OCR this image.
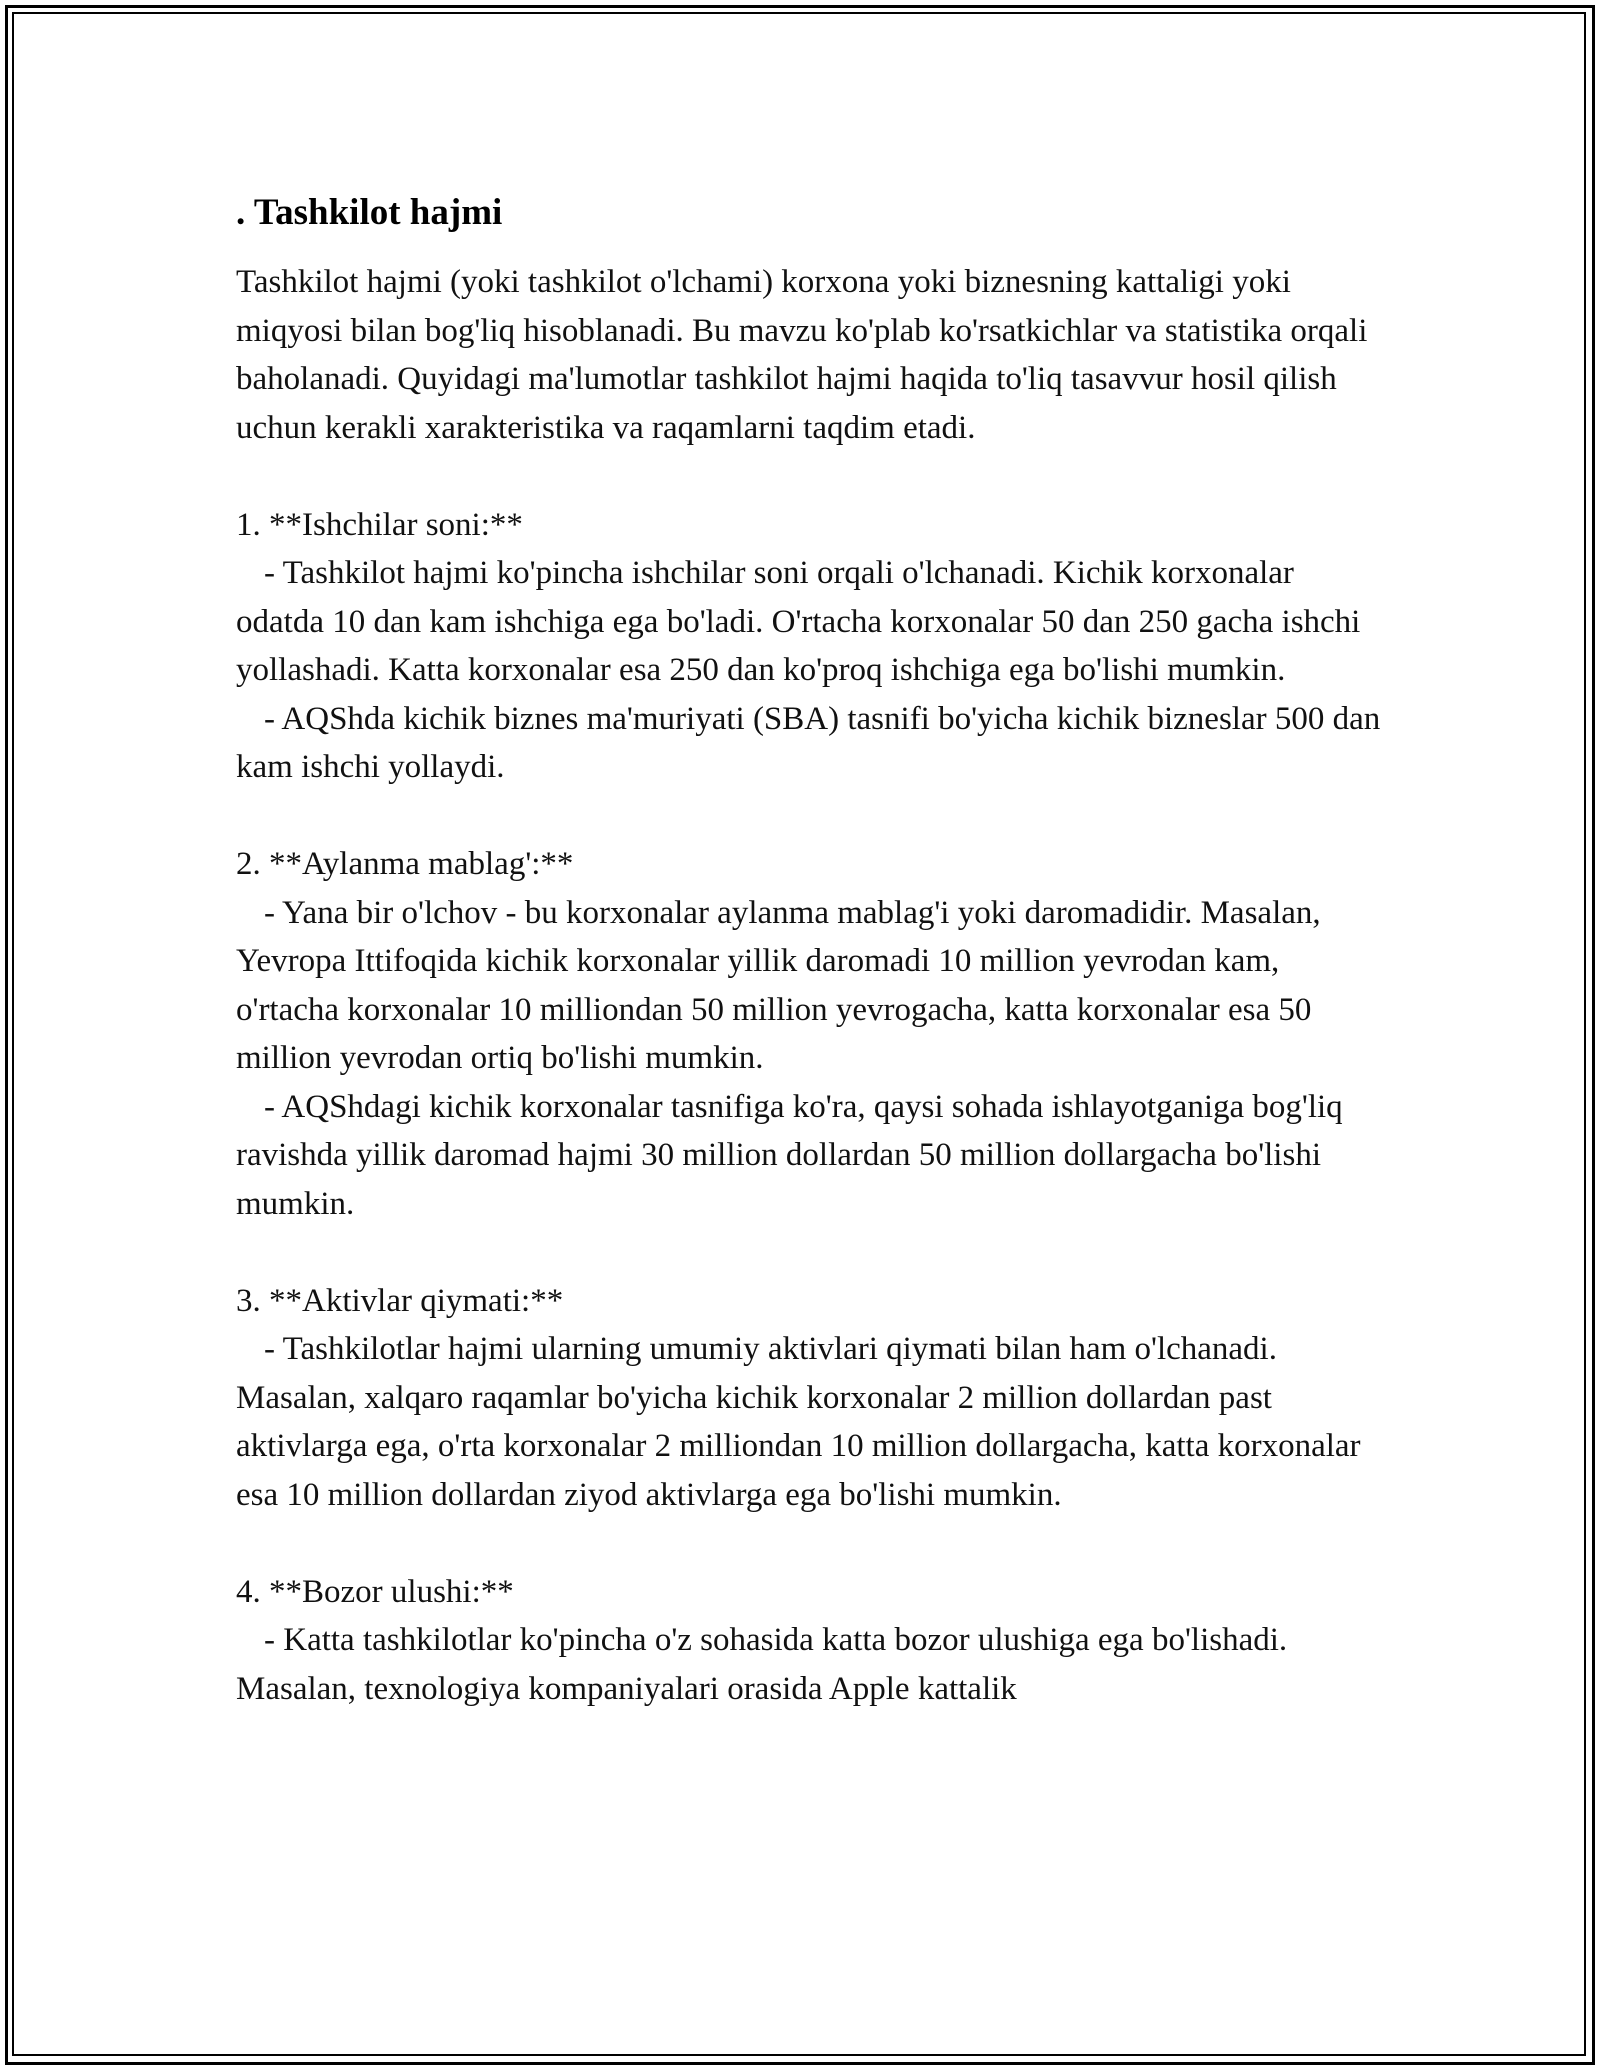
. Tashkilot hajmi

Tashkilot hajmi (yoki tashkilot o'lchami) korxona yoki biznesning kattaligi yoki miqyosi bilan bog'liq hisoblanadi. Bu mavzu ko'plab ko'rsatkichlar va statistika orqali baholanadi. Quyidagi ma'lumotlar tashkilot hajmi haqida to'liq tasavvur hosil qilish uchun kerakli xarakteristika va raqamlarni taqdim etadi.

1. **Ishchilar soni:**

- Tashkilot hajmi ko'pincha ishchilar soni orqali o'lchanadi. Kichik korxonalar odatda 10 dan kam ishchiga ega bo'ladi. O'rtacha korxonalar 50 dan 250 gacha ishchi yollashadi. Katta korxonalar esa 250 dan ko'proq ishchiga ega bo'lishi mumkin.

- AQShda kichik biznes ma'muriyati (SBA) tasnifi bo'yicha kichik bizneslar 500 dan kam ishchi yollaydi.

2. **Aylanma mablag':**

- Yana bir o'lchov - bu korxonalar aylanma mablag'i yoki daromadidir. Masalan, Yevropa Ittifoqida kichik korxonalar yillik daromadi 10 million yevrodan kam, o'rtacha korxonalar 10 milliondan 50 million yevrogacha, katta korxonalar esa 50 million yevrodan ortiq bo'lishi mumkin.

- AQShdagi kichik korxonalar tasnifiga ko'ra, qaysi sohada ishlayotganiga bog'liq ravishda yillik daromad hajmi 30 million dollardan 50 million dollargacha bo'lishi mumkin.

3. **Aktivlar qiymati:**

- Tashkilotlar hajmi ularning umumiy aktivlari qiymati bilan ham o'lchanadi. Masalan, xalqaro raqamlar bo'yicha kichik korxonalar 2 million dollardan past aktivlarga ega, o'rta korxonalar 2 milliondan 10 million dollargacha, katta korxonalar esa 10 million dollardan ziyod aktivlarga ega bo'lishi mumkin.

4. **Bozor ulushi:**

- Katta tashkilotlar ko'pincha o'z sohasida katta bozor ulushiga ega bo'lishadi. Masalan, texnologiya kompaniyalari orasida Apple kattalik
